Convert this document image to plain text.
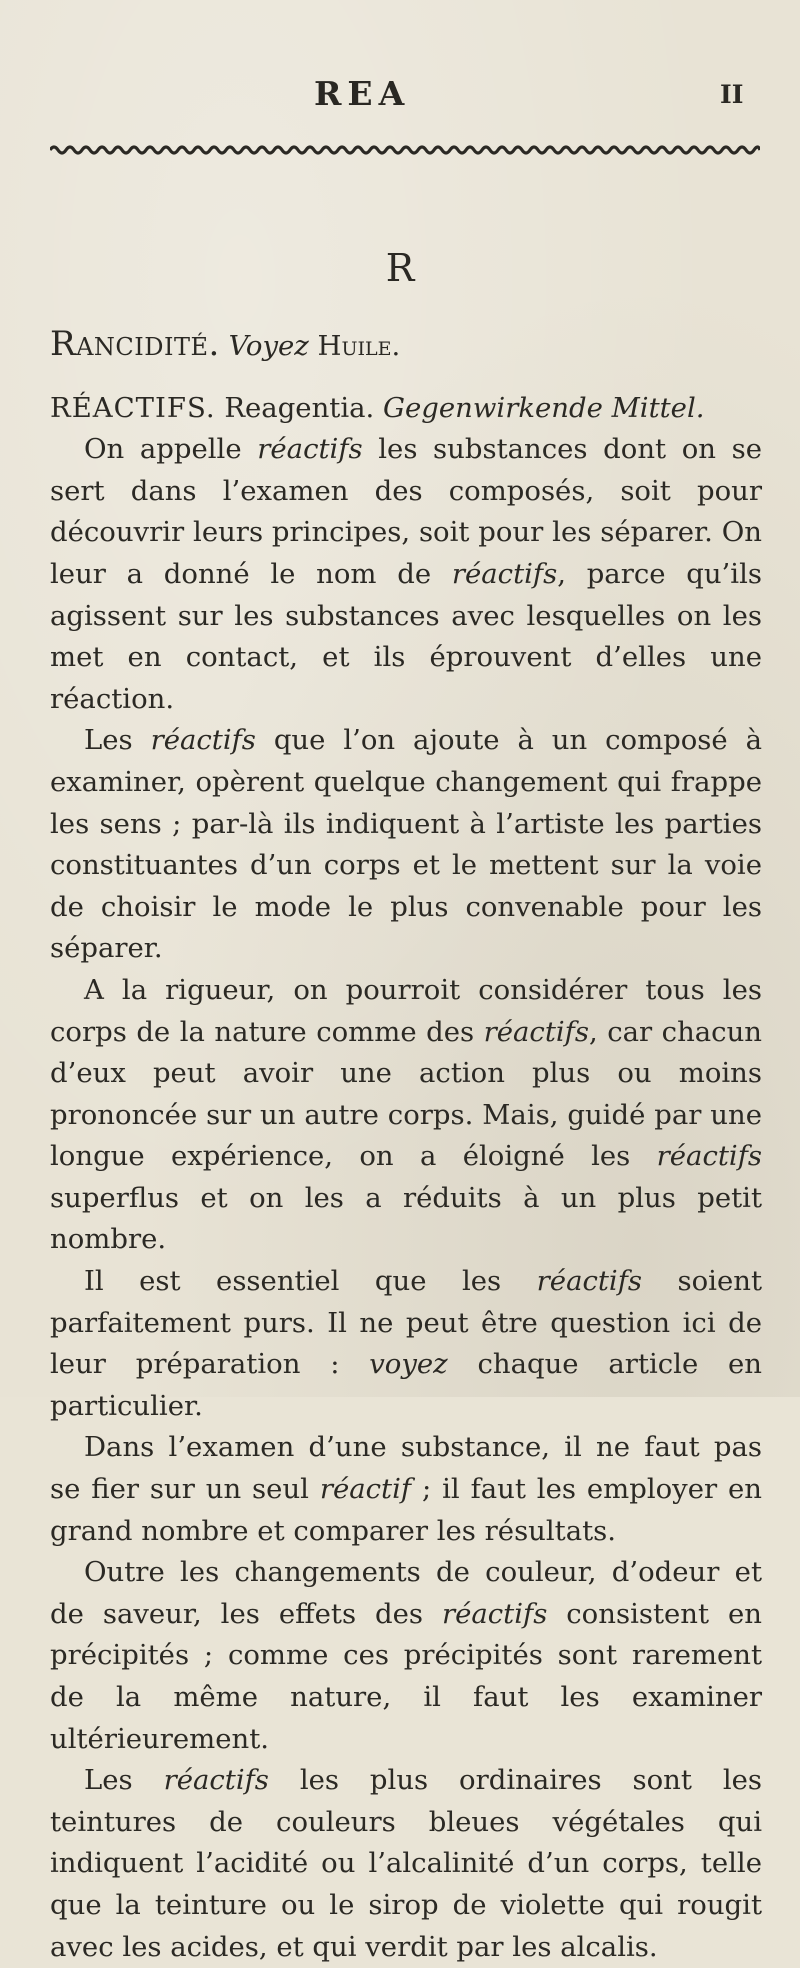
REA	II
R

Rancidité. Voyez Huile.

RÉACTIFS. Reagentia. Gegenwirkende Mittel.

On appelle réactifs les substances dont on se sert dans l’examen des composés, soit pour découvrir leurs principes, soit pour les séparer. On leur a donné le nom de réactifs, parce qu’ils agissent sur les substances avec lesquelles on les met en contact, et ils éprouvent d’elles une réaction.

Les réactifs que l’on ajoute à un composé à examiner, opèrent quelque changement qui frappe les sens ; par-là ils indiquent à l’artiste les parties constituantes d’un corps et le mettent sur la voie de choisir le mode le plus convenable pour les séparer.

A la rigueur, on pourroit considérer tous les corps de la nature comme des réactifs, car chacun d’eux peut avoir une action plus ou moins prononcée sur un autre corps. Mais, guidé par une longue expérience, on a éloigné les réactifs superflus et on les a réduits à un plus petit nombre.

Il est essentiel que les réactifs soient parfaitement purs. Il ne peut être question ici de leur préparation : voyez chaque article en particulier.

Dans l’examen d’une substance, il ne faut pas se fier sur un seul réactif ; il faut les employer en grand nombre et comparer les résultats.

Outre les changements de couleur, d’odeur et de saveur, les effets des réactifs consistent en précipités ; comme ces précipités sont rarement de la même nature, il faut les examiner ultérieurement.

Les réactifs les plus ordinaires sont les teintures de couleurs bleues végétales qui indiquent l’acidité ou l’alcalinité d’un corps, telle que la teinture ou le sirop de violette qui rougit avec les acides, et qui verdit par les alcalis.
